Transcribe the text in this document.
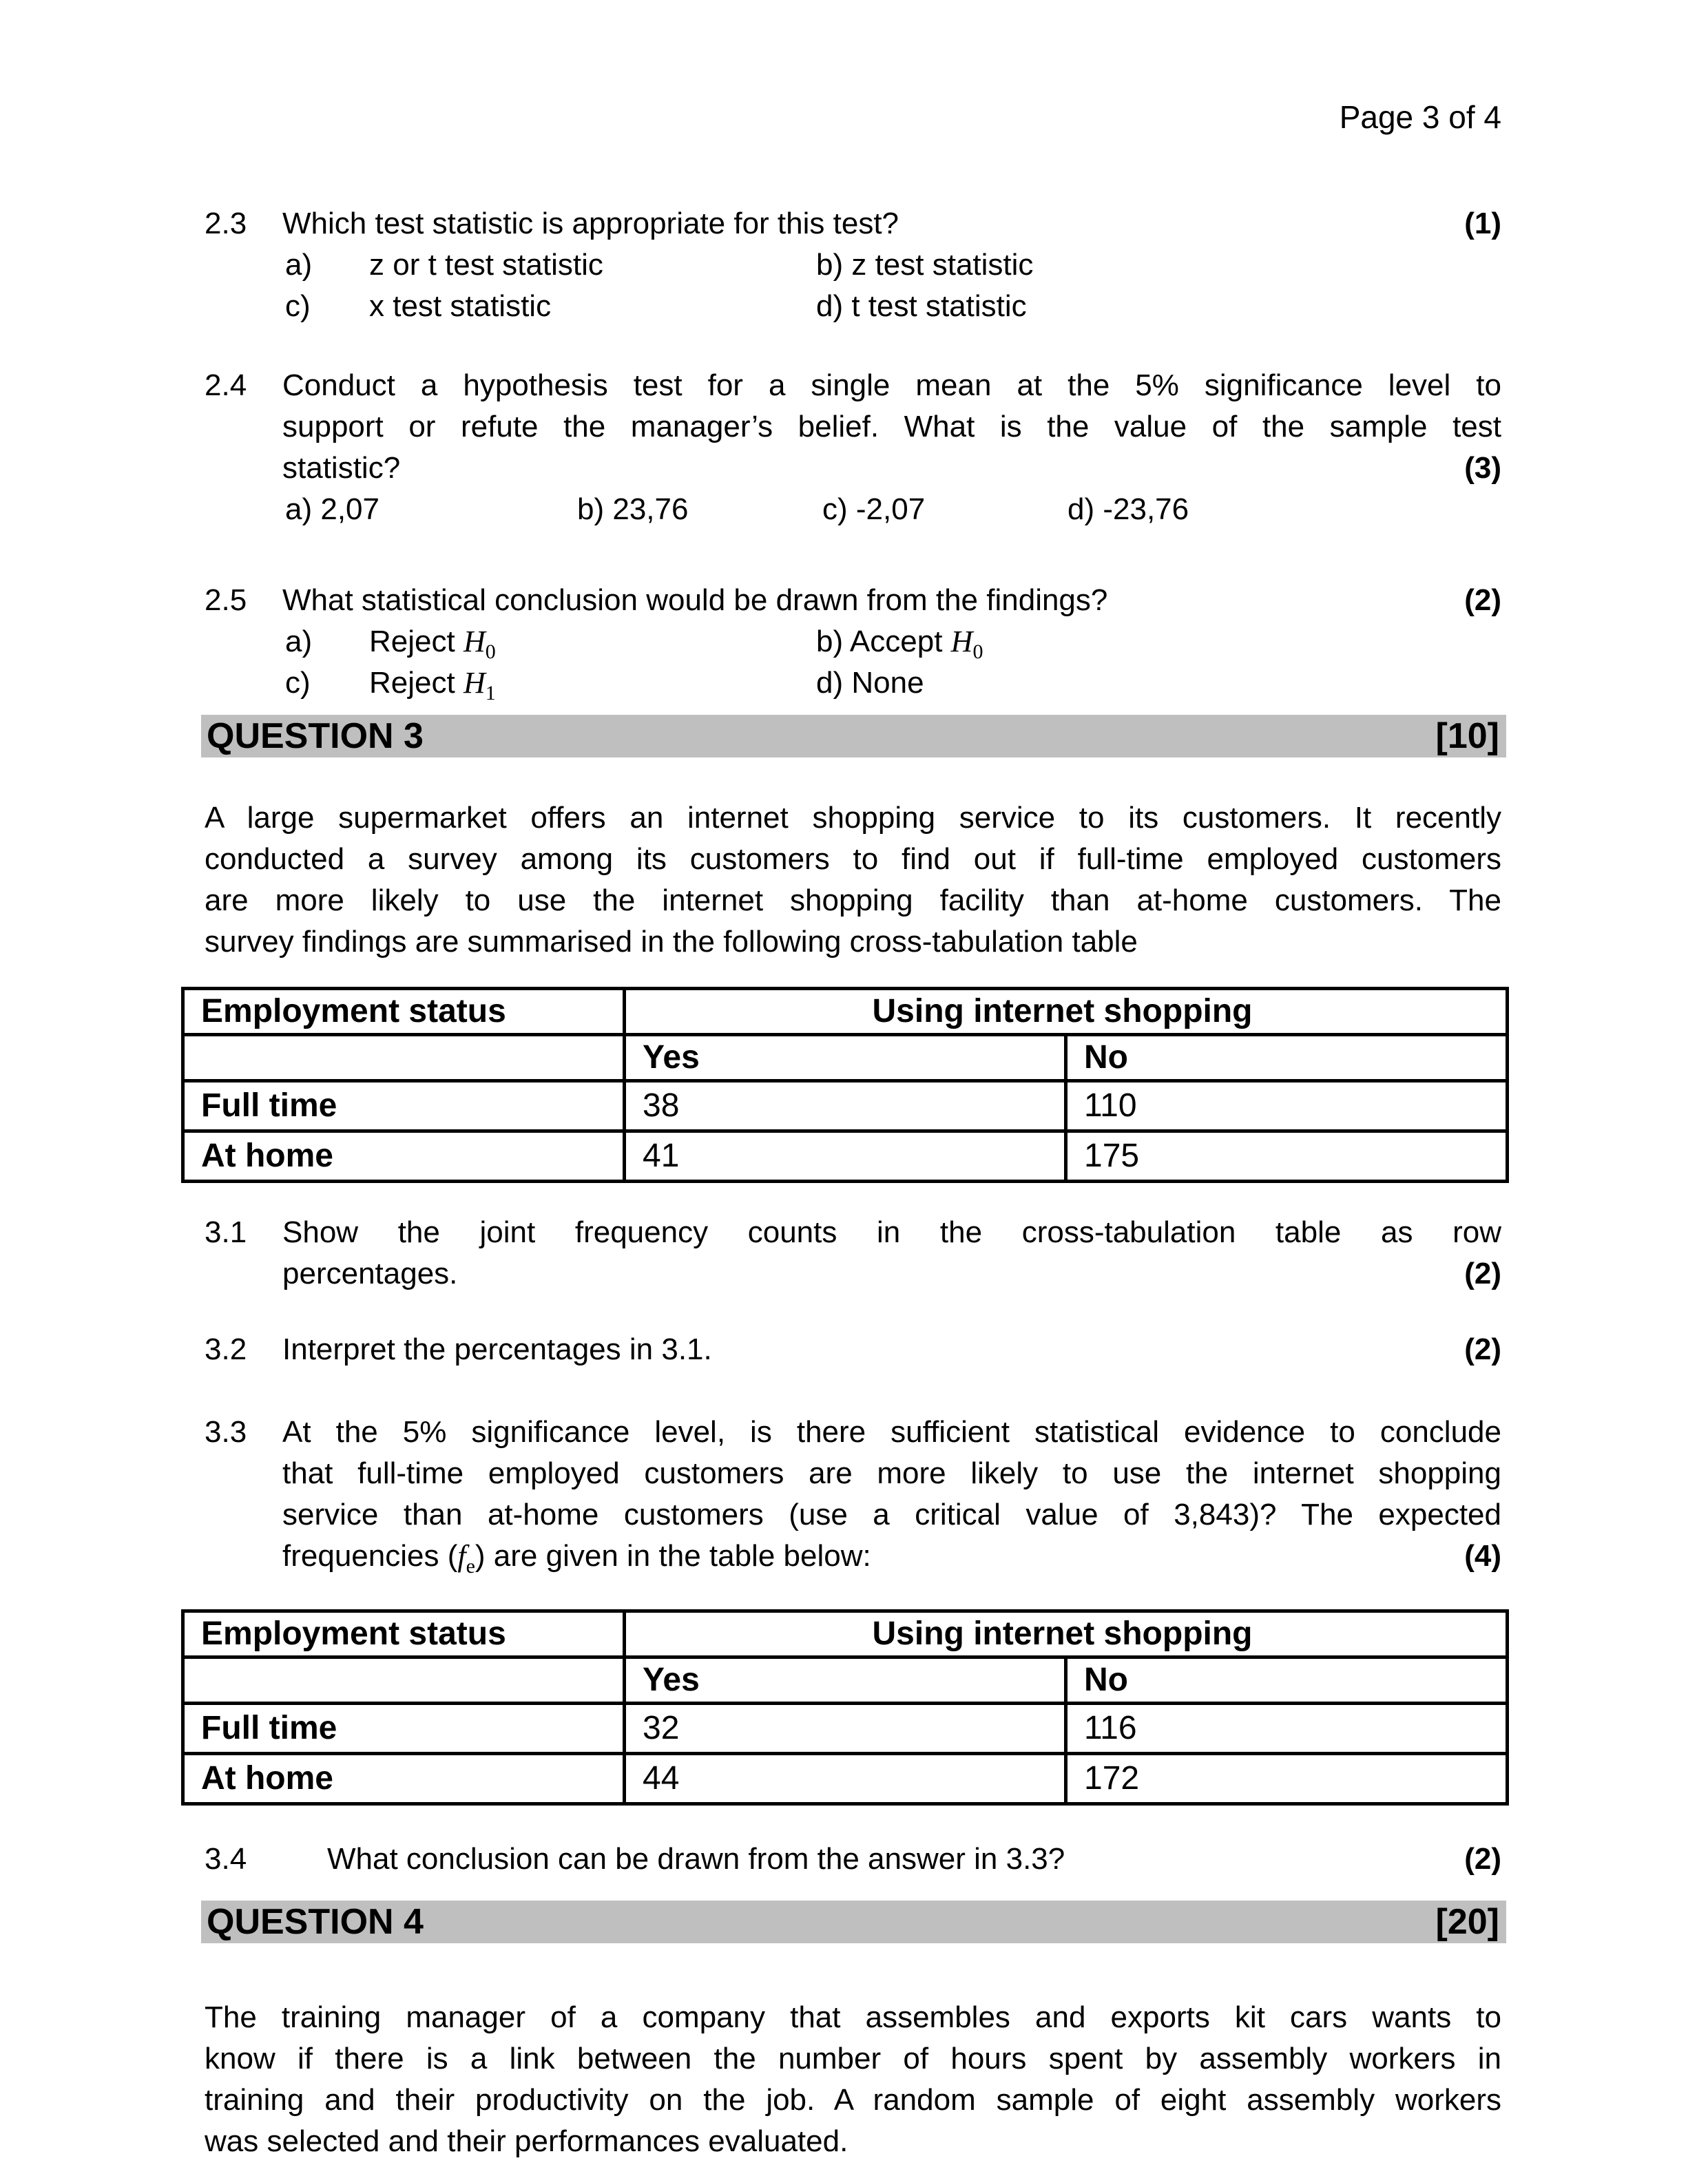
Page 3 of 4
2.3 Which test statistic is appropriate for this test?	(1)
a) z or t test statistic	b) z test statistic
c) x test statistic	d) t test statistic
2.4 Conduct a hypothesis test for a single mean at the 5% significance level to
support or refute the manager’s belief. What is the value of the sample test
statistic?	(3)
a) 2,07	b) 23,76	c) -2,07	d) -23,76
2.5 What statistical conclusion would be drawn from the findings?	(2)
a) Reject $H_0$	b) Accept $H_0$
c) Reject $H_1$	d) None
QUESTION 3	[10]
A large supermarket offers an internet shopping service to its customers. It recently
conducted a survey among its customers to find out if full-time employed customers
are more likely to use the internet shopping facility than at-home customers. The
survey findings are summarised in the following cross-tabulation table
Employment status	Using internet shopping	
	Yes	No
Full time	38	110
At home	41	175
3.1 Show the joint frequency counts in the cross-tabulation table as row
percentages.	(2)
3.2 Interpret the percentages in 3.1.	(2)
3.3 At the 5% significance level, is there sufficient statistical evidence to conclude
that full-time employed customers are more likely to use the internet shopping
service than at-home customers (use a critical value of 3,843)? The expected
frequencies $(f_e)$ are given in the table below:	(4)
Employment status	Using internet shopping	
	Yes	No
Full time	32	116
At home	44	172
3.4	What conclusion can be drawn from the answer in 3.3?	(2)
QUESTION 4	[20]
The training manager of a company that assembles and exports kit cars wants to
know if there is a link between the number of hours spent by assembly workers in
training and their productivity on the job. A random sample of eight assembly workers
was selected and their performances evaluated.
